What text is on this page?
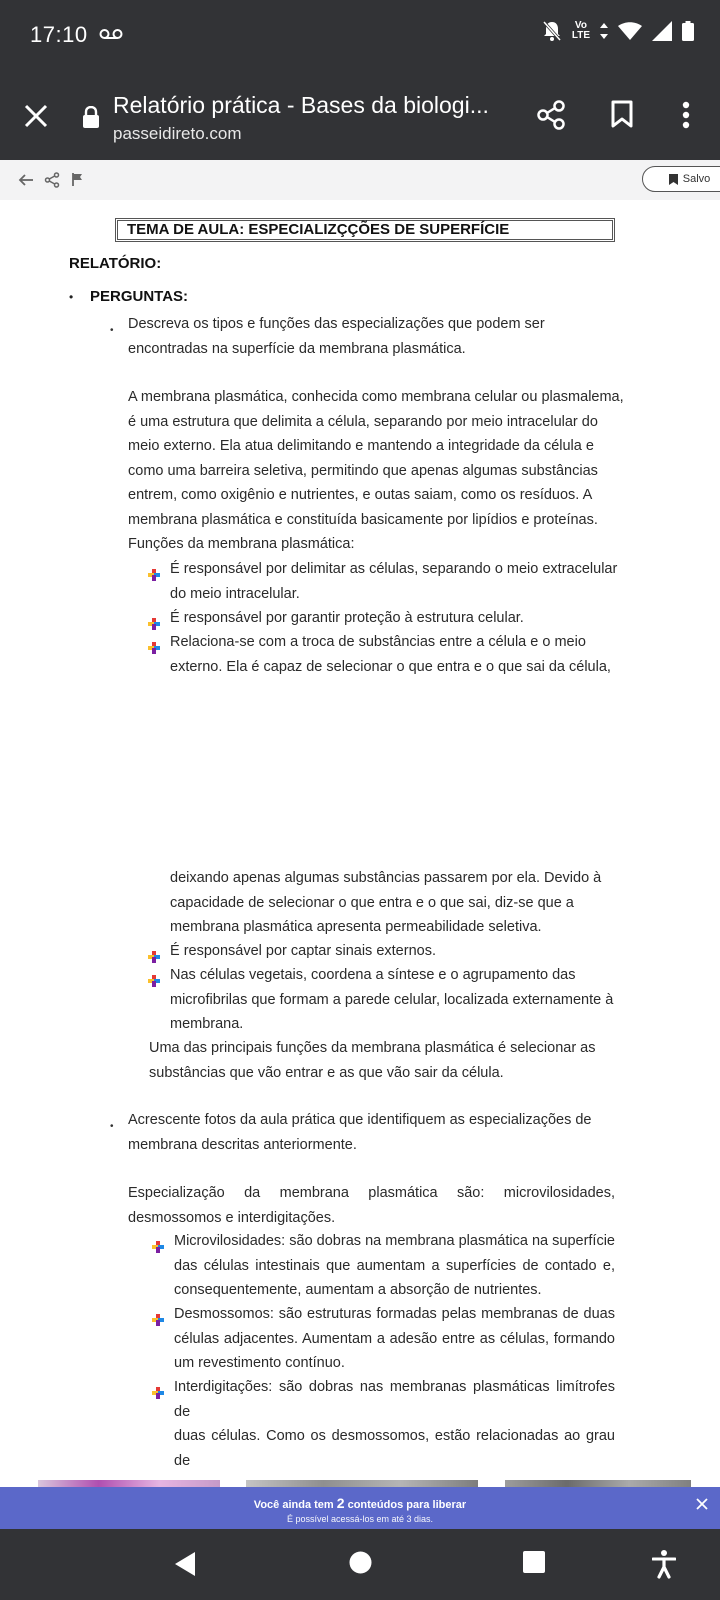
17:10	Vo
LTE
Relatório prática - Bases da biologi...
passeidireto.com
Salvo
TEMA DE AULA: ESPECIALIZÇÇÕES DE SUPERFÍCIE
RELATÓRIO:
• PERGUNTAS:
• Descreva os tipos e funções das especializações que podem ser
encontradas na superfície da membrana plasmática.
A membrana plasmática, conhecida como membrana celular ou plasmalema,
é uma estrutura que delimita a célula, separando por meio intracelular do
meio externo. Ela atua delimitando e mantendo a integridade da célula e
como uma barreira seletiva, permitindo que apenas algumas substâncias
entrem, como oxigênio e nutrientes, e outas saiam, como os resíduos. A
membrana plasmática e constituída basicamente por lipídios e proteínas.
Funções da membrana plasmática:
É responsável por delimitar as células, separando o meio extracelular
do meio intracelular.
É responsável por garantir proteção à estrutura celular.
Relaciona-se com a troca de substâncias entre a célula e o meio
externo. Ela é capaz de selecionar o que entra e o que sai da célula,
deixando apenas algumas substâncias passarem por ela. Devido à
capacidade de selecionar o que entra e o que sai, diz-se que a
membrana plasmática apresenta permeabilidade seletiva.
É responsável por captar sinais externos.
Nas células vegetais, coordena a síntese e o agrupamento das
microfibrilas que formam a parede celular, localizada externamente à
membrana.
Uma das principais funções da membrana plasmática é selecionar as
substâncias que vão entrar e as que vão sair da célula.
• Acrescente fotos da aula prática que identifiquem as especializações de
membrana descritas anteriormente.
Especialização da membrana plasmática são: microvilosidades,
desmossomos e interdigitações.
Microvilosidades: são dobras na membrana plasmática na superfície
das células intestinais que aumentam a superfícies de contado e,
consequentemente, aumentam a absorção de nutrientes.
Desmossomos: são estruturas formadas pelas membranas de duas
células adjacentes. Aumentam a adesão entre as células, formando
um revestimento contínuo.
Interdigitações: são dobras nas membranas plasmáticas limítrofes de
duas células. Como os desmossomos, estão relacionadas ao grau de
Você ainda tem 2 conteúdos para liberar
É possível acessá-los em até 3 dias.
